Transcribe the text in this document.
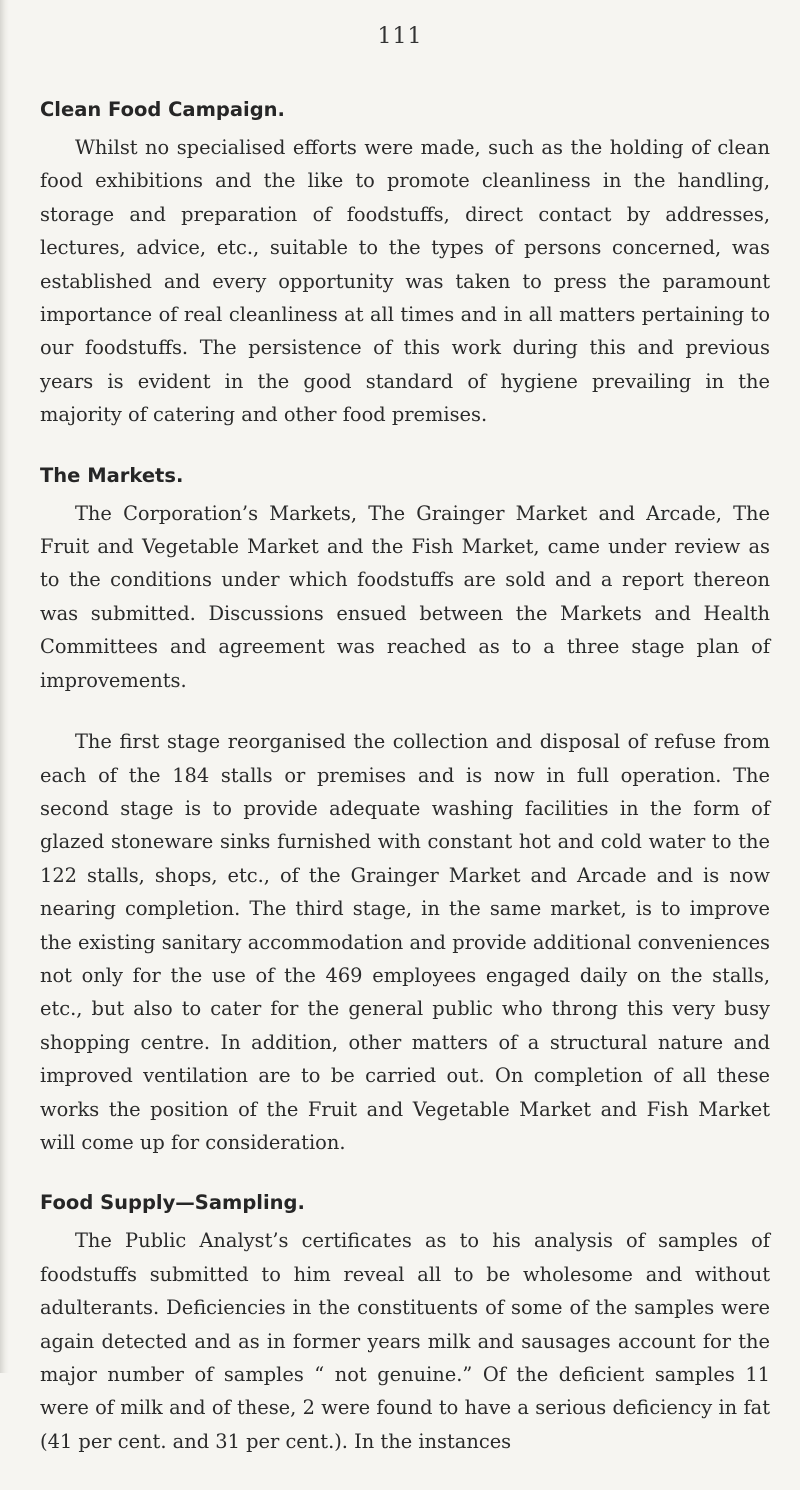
111
Clean Food Campaign.

Whilst no specialised efforts were made, such as the holding of clean food exhibitions and the like to promote cleanliness in the handling, storage and preparation of foodstuffs, direct contact by addresses, lectures, advice, etc., suitable to the types of persons concerned, was established and every opportunity was taken to press the paramount importance of real cleanliness at all times and in all matters pertaining to our foodstuffs. The persistence of this work during this and previous years is evident in the good standard of hygiene prevailing in the majority of catering and other food premises.

The Markets.

The Corporation’s Markets, The Grainger Market and Arcade, The Fruit and Vegetable Market and the Fish Market, came under review as to the conditions under which foodstuffs are sold and a report thereon was submitted. Discussions ensued between the Markets and Health Committees and agreement was reached as to a three stage plan of improvements.

The first stage reorganised the collection and disposal of refuse from each of the 184 stalls or premises and is now in full operation. The second stage is to provide adequate washing facilities in the form of glazed stoneware sinks furnished with constant hot and cold water to the 122 stalls, shops, etc., of the Grainger Market and Arcade and is now nearing completion. The third stage, in the same market, is to improve the existing sanitary accommodation and provide additional conveniences not only for the use of the 469 employees engaged daily on the stalls, etc., but also to cater for the general public who throng this very busy shopping centre. In addition, other matters of a structural nature and improved ventilation are to be carried out. On completion of all these works the position of the Fruit and Vegetable Market and Fish Market will come up for consideration.

Food Supply—Sampling.

The Public Analyst’s certificates as to his analysis of samples of foodstuffs submitted to him reveal all to be wholesome and without adulterants. Deficiencies in the constituents of some of the samples were again detected and as in former years milk and sausages account for the major number of samples “ not genuine.” Of the deficient samples 11 were of milk and of these, 2 were found to have a serious deficiency in fat (41 per cent. and 31 per cent.). In the instances
